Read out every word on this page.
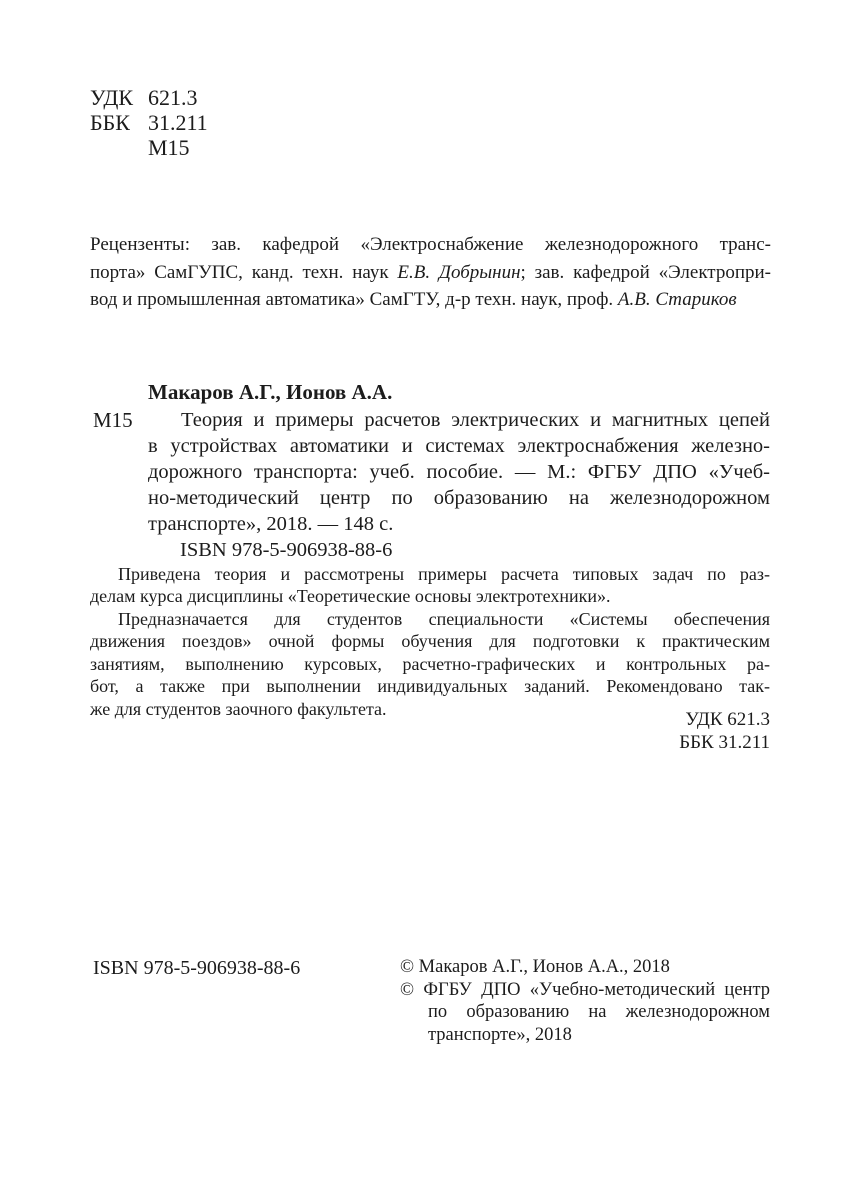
УДК 621.3
ББК 31.211
М15
Рецензенты: зав. кафедрой «Электроснабжение железнодорожного транс-
порта» СамГУПС, канд. техн. наук Е.В. Добрынин; зав. кафедрой «Электропри-
вод и промышленная автоматика» СамГТУ, д-р техн. наук, проф. А.В. Стариков
Макаров А.Г., Ионов А.А.
М15	Теория и примеры расчетов электрических и магнитных цепей
в устройствах автоматики и системах электроснабжения железно-
дорожного транспорта: учеб. пособие. — М.: ФГБУ ДПО «Учеб-
но-методический центр по образованию на железнодорожном
транспорте», 2018. — 148 с.
ISBN 978-5-906938-88-6
Приведена теория и рассмотрены примеры расчета типовых задач по раз-
делам курса дисциплины «Теоретические основы электротехники».
Предназначается для студентов специальности «Системы обеспечения
движения поездов» очной формы обучения для подготовки к практическим
занятиям, выполнению курсовых, расчетно-графических и контрольных ра-
бот, а также при выполнении индивидуальных заданий. Рекомендовано так-
же для студентов заочного факультета.
УДК 621.3
ББК 31.211
ISBN 978-5-906938-88-6	© Макаров А.Г., Ионов А.А., 2018
© ФГБУ ДПО «Учебно-методический центр
по образованию на железнодорожном
транспорте», 2018
